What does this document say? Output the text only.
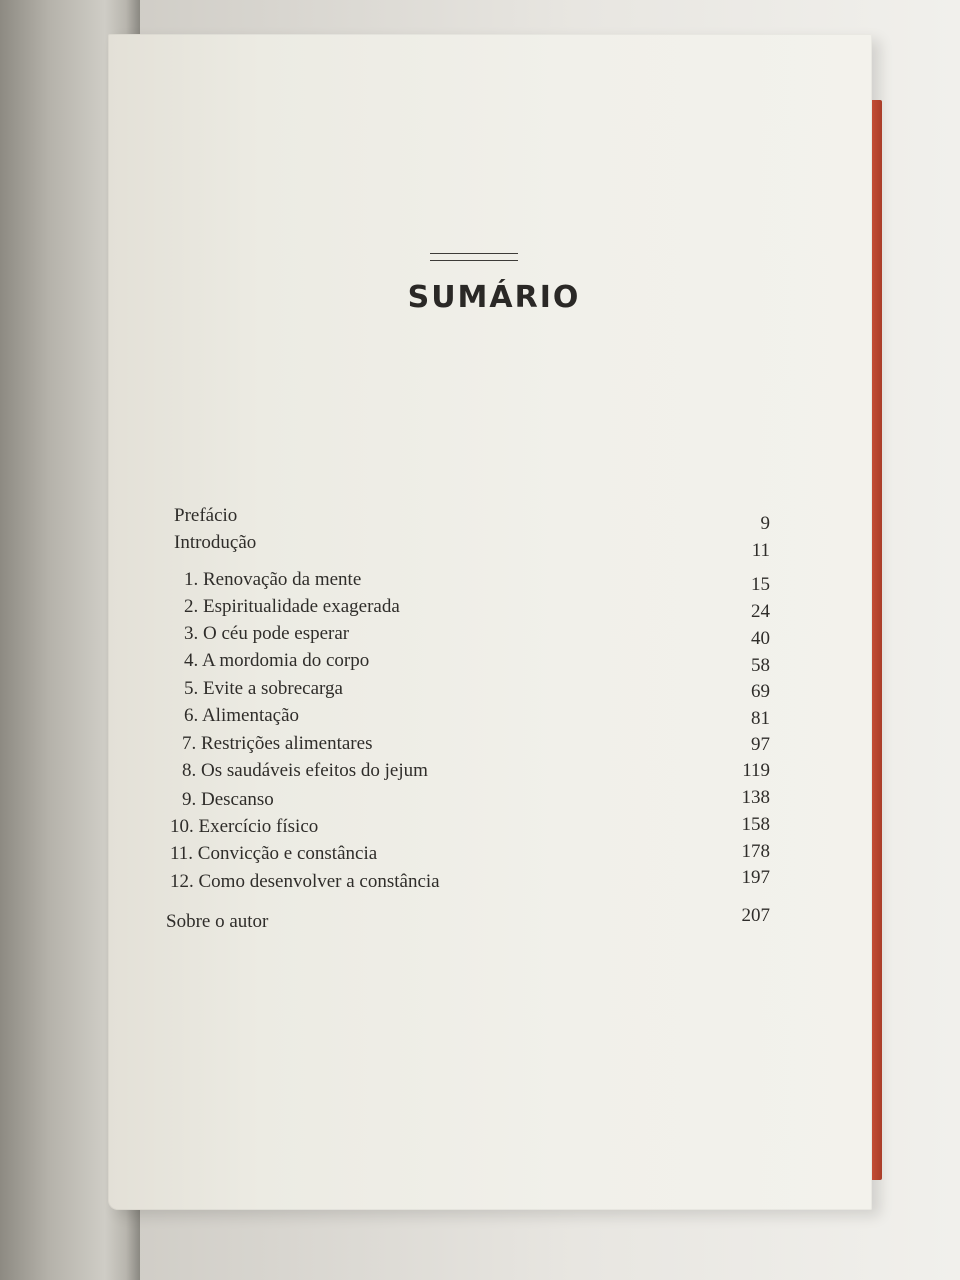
SUMÁRIO
Prefácio	9
Introdução	11
1. Renovação da mente	15
2. Espiritualidade exagerada	24
3. O céu pode esperar	40
4. A mordomia do corpo	58
5. Evite a sobrecarga	69
6. Alimentação	81
7. Restrições alimentares	97
8. Os saudáveis efeitos do jejum	119
9. Descanso	138
10. Exercício físico	158
11. Convicção e constância	178
12. Como desenvolver a constância	197
Sobre o autor	207
